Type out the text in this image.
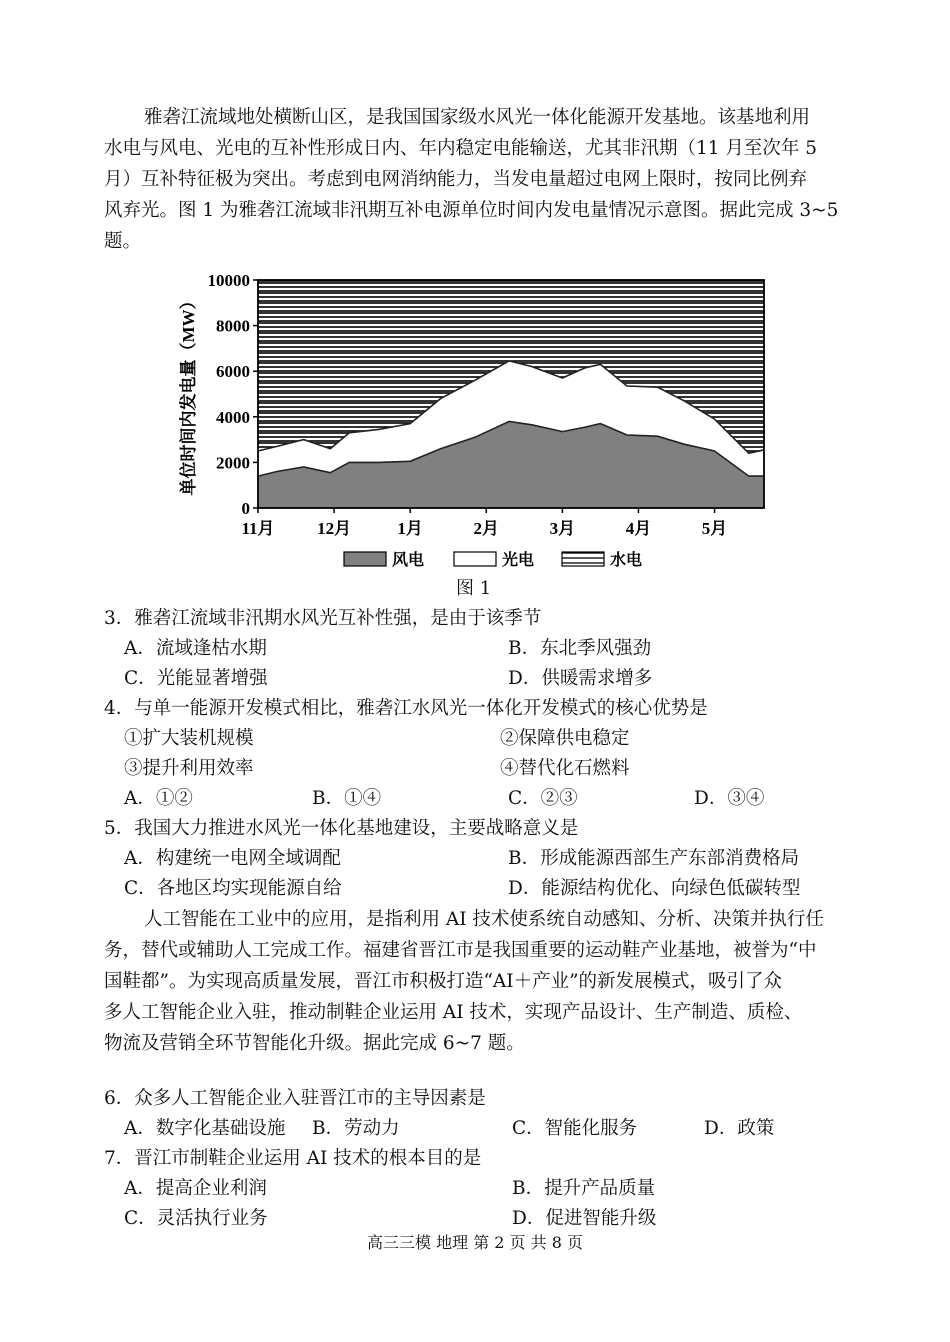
雅砻江流域地处横断山区，是我国国家级水风光一体化能源开发基地。该基地利用
水电与风电、光电的互补性形成日内、年内稳定电能输送，尤其非汛期（11 月至次年 5
月）互补特征极为突出。考虑到电网消纳能力，当发电量超过电网上限时，按同比例弃
风弃光。图 1 为雅砻江流域非汛期互补电源单位时间内发电量情况示意图。据此完成 3~5
题。
0
2000
4000
6000
8000
10000
11月	12月	1月	2月	3月	4月	5月
单位时间内发电量（MW）
风电	光电	水电
图 1
3．雅砻江流域非汛期水风光互补性强，是由于该季节
A．流域逢枯水期	B．东北季风强劲
C．光能显著增强	D．供暖需求增多
4．与单一能源开发模式相比，雅砻江水风光一体化开发模式的核心优势是
①扩大装机规模	②保障供电稳定
③提升利用效率	④替代化石燃料
A．①②	B．①④	C．②③	D．③④
5．我国大力推进水风光一体化基地建设，主要战略意义是
A．构建统一电网全域调配	B．形成能源西部生产东部消费格局
C．各地区均实现能源自给	D．能源结构优化、向绿色低碳转型
人工智能在工业中的应用，是指利用 AI 技术使系统自动感知、分析、决策并执行任
务，替代或辅助人工完成工作。福建省晋江市是我国重要的运动鞋产业基地，被誉为“中
国鞋都”。为实现高质量发展，晋江市积极打造“AI＋产业”的新发展模式，吸引了众
多人工智能企业入驻，推动制鞋企业运用 AI 技术，实现产品设计、生产制造、质检、
物流及营销全环节智能化升级。据此完成 6~7 题。
6．众多人工智能企业入驻晋江市的主导因素是
A．数字化基础设施 B．劳动力	C．智能化服务	D．政策
7．晋江市制鞋企业运用 AI 技术的根本目的是
A．提高企业利润	B．提升产品质量
C．灵活执行业务	D．促进智能升级
高三三模 地理 第 2 页 共 8 页
